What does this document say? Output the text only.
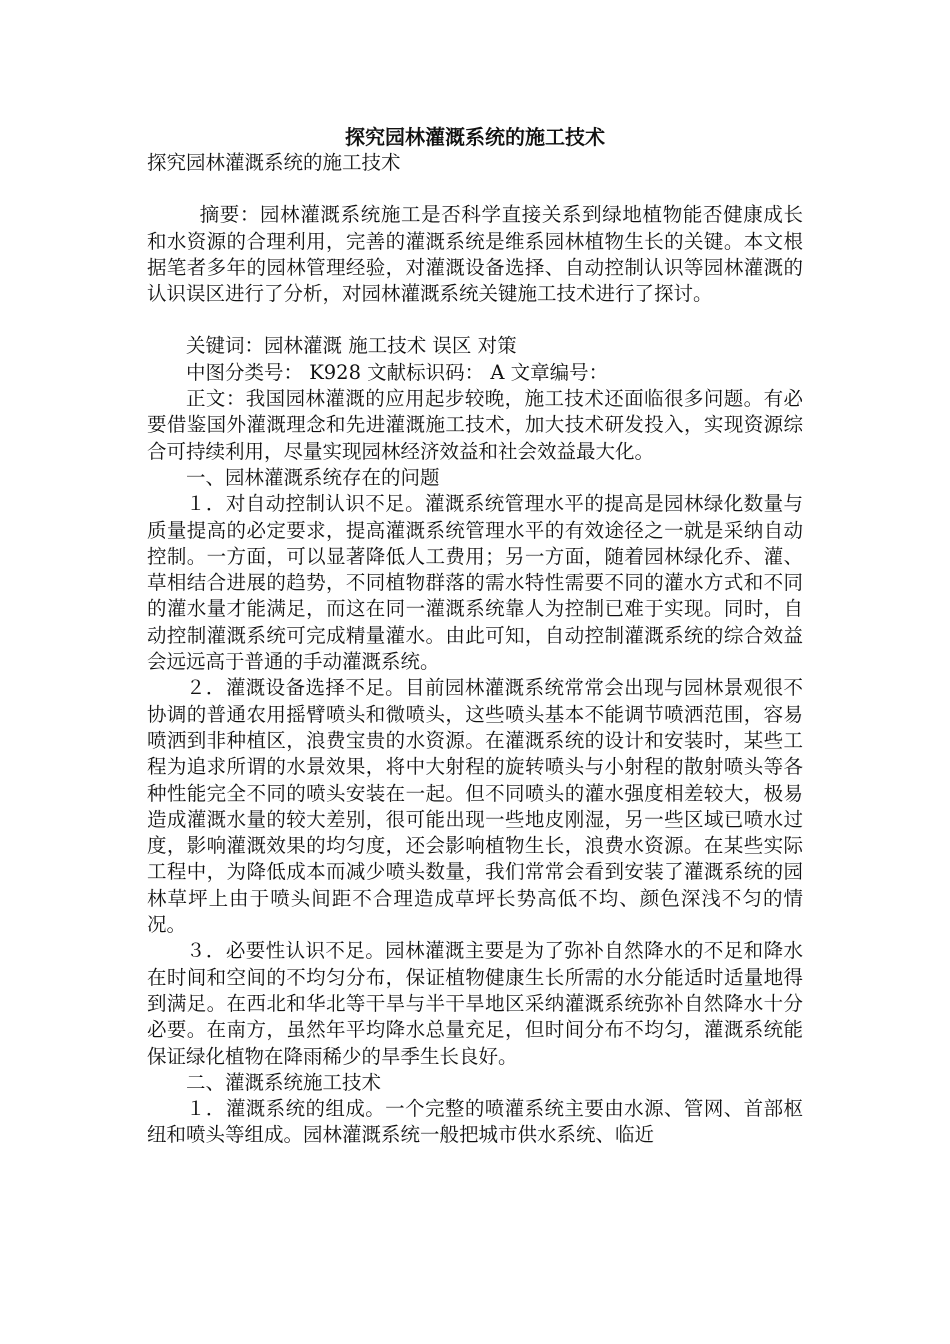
探究园林灌溉系统的施工技术

探究园林灌溉系统的施工技术

摘要：园林灌溉系统施工是否科学直接关系到绿地植物能否健康成长和水资源的合理利用，完善的灌溉系统是维系园林植物生长的关键。本文根据笔者多年的园林管理经验，对灌溉设备选择、自动控制认识等园林灌溉的认识误区进行了分析，对园林灌溉系统关键施工技术进行了探讨。

关键词：园林灌溉 施工技术 误区 对策

中图分类号： K928 文献标识码： A 文章编号：

正文：我国园林灌溉的应用起步较晚，施工技术还面临很多问题。有必要借鉴国外灌溉理念和先进灌溉施工技术，加大技术研发投入，实现资源综合可持续利用，尽量实现园林经济效益和社会效益最大化。

一、园林灌溉系统存在的问题

１．对自动控制认识不足。灌溉系统管理水平的提高是园林绿化数量与质量提高的必定要求，提高灌溉系统管理水平的有效途径之一就是采纳自动控制。一方面，可以显著降低人工费用；另一方面，随着园林绿化乔、灌、草相结合进展的趋势，不同植物群落的需水特性需要不同的灌水方式和不同的灌水量才能满足，而这在同一灌溉系统靠人为控制已难于实现。同时，自动控制灌溉系统可完成精量灌水。由此可知，自动控制灌溉系统的综合效益会远远高于普通的手动灌溉系统。

２．灌溉设备选择不足。目前园林灌溉系统常常会出现与园林景观很不协调的普通农用摇臂喷头和微喷头，这些喷头基本不能调节喷洒范围，容易喷洒到非种植区，浪费宝贵的水资源。在灌溉系统的设计和安装时，某些工程为追求所谓的水景效果，将中大射程的旋转喷头与小射程的散射喷头等各种性能完全不同的喷头安装在一起。但不同喷头的灌水强度相差较大，极易造成灌溉水量的较大差别，很可能出现一些地皮刚湿，另一些区域已喷水过度，影响灌溉效果的均匀度，还会影响植物生长，浪费水资源。在某些实际工程中，为降低成本而减少喷头数量，我们常常会看到安装了灌溉系统的园林草坪上由于喷头间距不合理造成草坪长势高低不均、颜色深浅不匀的情况。

３．必要性认识不足。园林灌溉主要是为了弥补自然降水的不足和降水在时间和空间的不均匀分布，保证植物健康生长所需的水分能适时适量地得到满足。在西北和华北等干旱与半干旱地区采纳灌溉系统弥补自然降水十分必要。在南方，虽然年平均降水总量充足，但时间分布不均匀，灌溉系统能保证绿化植物在降雨稀少的旱季生长良好。

二、灌溉系统施工技术

１．灌溉系统的组成。一个完整的喷灌系统主要由水源、管网、首部枢纽和喷头等组成。园林灌溉系统一般把城市供水系统、临近
